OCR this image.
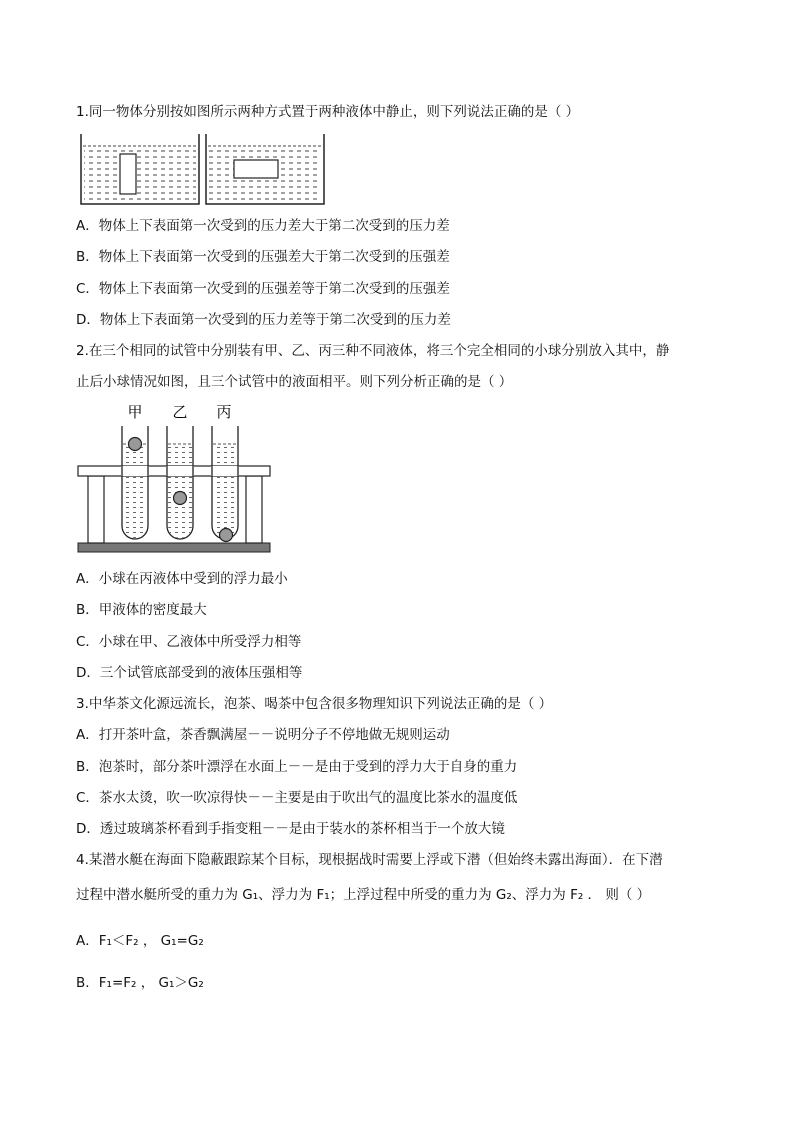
1.同一物体分别按如图所示两种方式置于两种液体中静止，则下列说法正确的是（ ）
A．物体上下表面第一次受到的压力差大于第二次受到的压力差
B．物体上下表面第一次受到的压强差大于第二次受到的压强差
C．物体上下表面第一次受到的压强差等于第二次受到的压强差
D．物体上下表面第一次受到的压力差等于第二次受到的压力差
2.在三个相同的试管中分别装有甲、乙、丙三种不同液体，将三个完全相同的小球分别放入其中，静
止后小球情况如图，且三个试管中的液面相平。则下列分析正确的是（ ）
甲 乙 丙
A．小球在丙液体中受到的浮力最小
B．甲液体的密度最大
C．小球在甲、乙液体中所受浮力相等
D．三个试管底部受到的液体压强相等
3.中华茶文化源远流长，泡茶、喝茶中包含很多物理知识下列说法正确的是（ ）
A．打开茶叶盒，茶香飘满屋－－说明分子不停地做无规则运动
B．泡茶时，部分茶叶漂浮在水面上－－是由于受到的浮力大于自身的重力
C．茶水太烫，吹一吹凉得快－－主要是由于吹出气的温度比茶水的温度低
D．透过玻璃茶杯看到手指变粗－－是由于装水的茶杯相当于一个放大镜
4.某潜水艇在海面下隐蔽跟踪某个目标，现根据战时需要上浮或下潜（但始终未露出海面）．在下潜
过程中潜水艇所受的重力为 G₁、浮力为 F₁；上浮过程中所受的重力为 G₂、浮力为 F₂ ． 则（ ）
A．F₁＜F₂ ， G₁=G₂
B．F₁=F₂ ， G₁＞G₂
